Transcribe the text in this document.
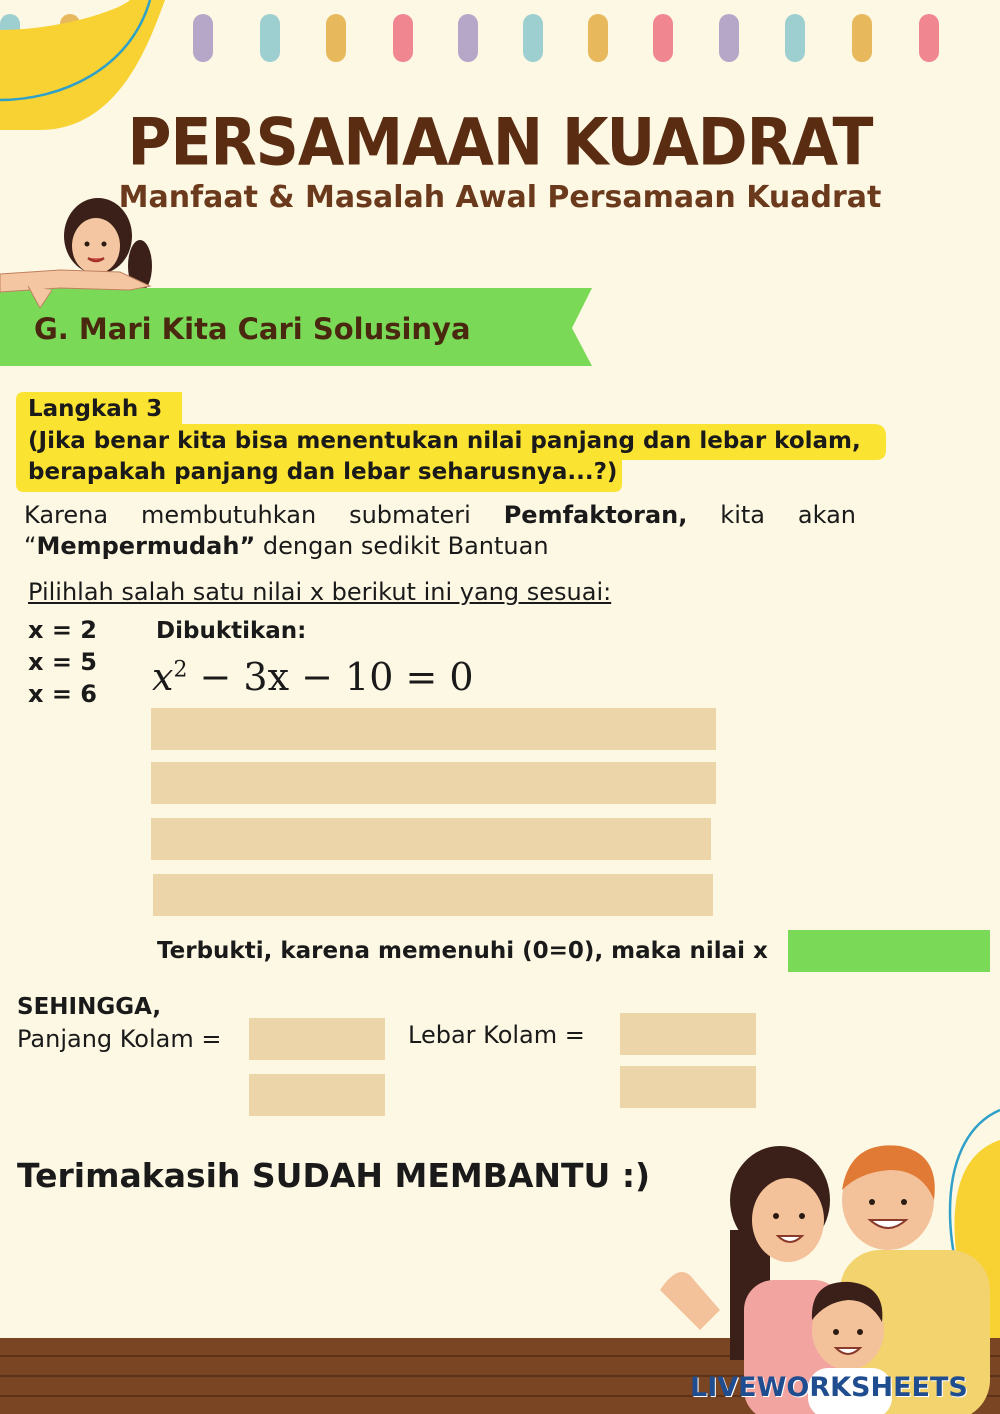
PERSAMAAN KUADRAT
Manfaat & Masalah Awal Persamaan Kuadrat
G. Mari Kita Cari Solusinya
Langkah 3
(Jika benar kita bisa menentukan nilai panjang dan lebar kolam,
berapakah panjang dan lebar seharusnya...?)
Karena membutuhkan submateri Pemfaktoran, kita akan “Mempermudah” dengan sedikit Bantuan
Pilihlah salah satu nilai x berikut ini yang sesuai:
x = 2
x = 5
x = 6
Dibuktikan:
$x^2 - 3x - 10 = 0$
Terbukti, karena memenuhi (0=0), maka nilai x
SEHINGGA,
Panjang Kolam =	Lebar Kolam =
Terimakasih SUDAH MEMBANTU :)
LIVEWORKSHEETS
